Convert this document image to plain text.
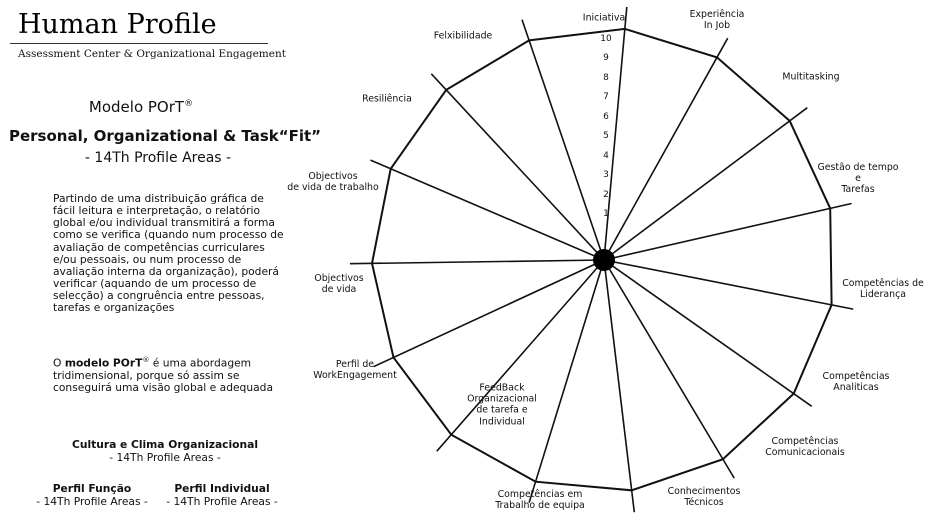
Human Profile
Assessment Center & Organizational Engagement
Modelo POrT®
Personal, Organizational & Task“Fit”
- 14Th Profile Areas -

Partindo de uma distribuição gráfica de fácil leitura e interpretação, o relatório global e/ou individual transmitirá a forma como se verifica (quando num processo de avaliação de competências curriculares e/ou pessoais, ou num processo de avaliação interna da organização), poderá verificar (aquando de um processo de selecção) a congruência entre pessoas, tarefas e organizações

O modelo POrT® é uma abordagem tridimensional, porque só assim se conseguirá uma visão global e adequada

Cultura e Clima Organizacional
- 14Th Profile Areas -
Perfil Função
- 14Th Profile Areas -
Perfil Individual
- 14Th Profile Areas -
1
2
3
4
5
6
7
8
9
10
Iniciativa	Experiência
In Job
Multitasking
Gestão de tempo
e
Tarefas
Competências de
Liderança
Competências
Analiticas
Competências
Comunicacionais
Conhecimentos
Técnicos
Competências em
Trabalho de equipa
FeedBack
Organizacional
de tarefa e
Individual
Perfil de
WorkEngagement
Objectivos
de vida
Objectivos
de vida de trabalho
Resiliência
Felxibilidade
